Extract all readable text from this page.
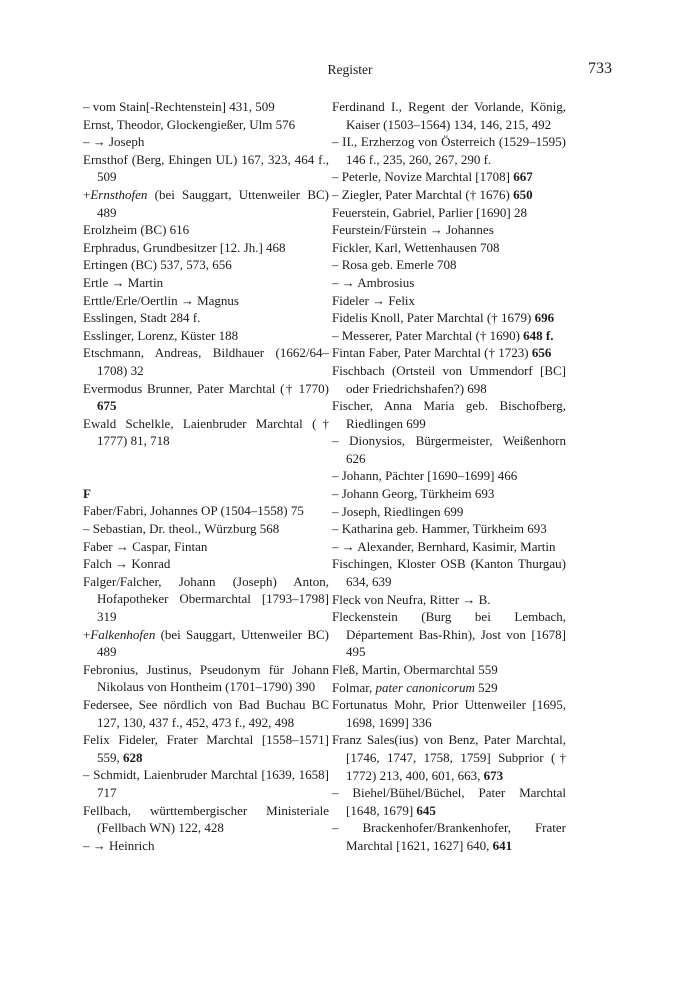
Register	733

– vom Stain[-Rechtenstein] 431, 509

Ernst, Theodor, Glockengießer, Ulm 576

– → Joseph

Ernsthof (Berg, Ehingen UL) 167, 323, 464 f., 509

+Ernsthofen (bei Sauggart, Uttenweiler BC) 489

Erolzheim (BC) 616

Erphradus, Grundbesitzer [12. Jh.] 468

Ertingen (BC) 537, 573, 656

Ertle → Martin

Erttle/Erle/Oertlin → Magnus

Esslingen, Stadt 284 f.

Esslinger, Lorenz, Küster 188

Etschmann, Andreas, Bildhauer (1662/64–1708) 32

Evermodus Brunner, Pater Marchtal († 1770) 675

Ewald Schelkle, Laienbruder Marchtal († 1777) 81, 718

F

Faber/Fabri, Johannes OP (1504–1558) 75

– Sebastian, Dr. theol., Würzburg 568

Faber → Caspar, Fintan

Falch → Konrad

Falger/Falcher, Johann (Joseph) Anton, Hofapotheker Obermarchtal [1793–1798] 319

+Falkenhofen (bei Sauggart, Uttenweiler BC) 489

Febronius, Justinus, Pseudonym für Johann Nikolaus von Hontheim (1701–1790) 390

Federsee, See nördlich von Bad Buchau BC 127, 130, 437 f., 452, 473 f., 492, 498

Felix Fideler, Frater Marchtal [1558–1571] 559, 628

– Schmidt, Laienbruder Marchtal [1639, 1658] 717

Fellbach, württembergischer Ministeriale (Fellbach WN) 122, 428

– → Heinrich

Ferdinand I., Regent der Vorlande, König, Kaiser (1503–1564) 134, 146, 215, 492

– II., Erzherzog von Österreich (1529–1595) 146 f., 235, 260, 267, 290 f.

– Peterle, Novize Marchtal [1708] 667

– Ziegler, Pater Marchtal († 1676) 650

Feuerstein, Gabriel, Parlier [1690] 28

Feurstein/Fürstein → Johannes

Fickler, Karl, Wettenhausen 708

– Rosa geb. Emerle 708

– → Ambrosius

Fideler → Felix

Fidelis Knoll, Pater Marchtal († 1679) 696

– Messerer, Pater Marchtal († 1690) 648 f.

Fintan Faber, Pater Marchtal († 1723) 656

Fischbach (Ortsteil von Ummendorf [BC] oder Friedrichshafen?) 698

Fischer, Anna Maria geb. Bischofberg, Riedlingen 699

– Dionysios, Bürgermeister, Weißenhorn 626

– Johann, Pächter [1690–1699] 466

– Johann Georg, Türkheim 693

– Joseph, Riedlingen 699

– Katharina geb. Hammer, Türkheim 693

– → Alexander, Bernhard, Kasimir, Martin

Fischingen, Kloster OSB (Kanton Thurgau) 634, 639

Fleck von Neufra, Ritter → B.

Fleckenstein (Burg bei Lembach, Département Bas-Rhin), Jost von [1678] 495

Fleß, Martin, Obermarchtal 559

Folmar, pater canonicorum 529

Fortunatus Mohr, Prior Uttenweiler [1695, 1698, 1699] 336

Franz Sales(ius) von Benz, Pater Marchtal, [1746, 1747, 1758, 1759] Subprior († 1772) 213, 400, 601, 663, 673

– Biehel/Bühel/Büchel, Pater Marchtal [1648, 1679] 645

– Brackenhofer/Brankenhofer, Frater Marchtal [1621, 1627] 640, 641
